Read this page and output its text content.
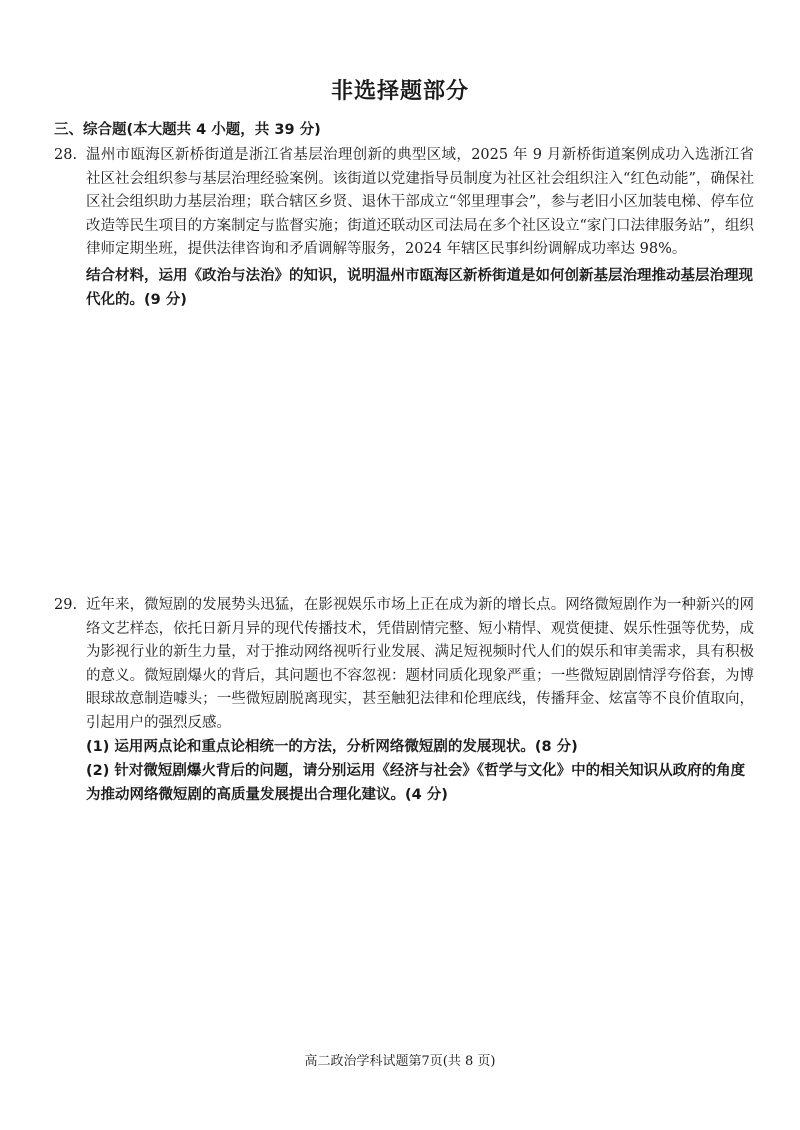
非选择题部分
三、综合题(本大题共 4 小题，共 39 分)
28. 温州市瓯海区新桥街道是浙江省基层治理创新的典型区域，2025 年 9 月新桥街道案例成功入选浙江省社区社会组织参与基层治理经验案例。该街道以党建指导员制度为社区社会组织注入“红色动能”，确保社区社会组织助力基层治理；联合辖区乡贤、退休干部成立“邻里理事会”，参与老旧小区加装电梯、停车位改造等民生项目的方案制定与监督实施；街道还联动区司法局在多个社区设立“家门口法律服务站”，组织律师定期坐班，提供法律咨询和矛盾调解等服务，2024 年辖区民事纠纷调解成功率达 98%。
结合材料，运用《政治与法治》的知识，说明温州市瓯海区新桥街道是如何创新基层治理推动基层治理现代化的。(9 分)
29. 近年来，微短剧的发展势头迅猛，在影视娱乐市场上正在成为新的增长点。网络微短剧作为一种新兴的网络文艺样态，依托日新月异的现代传播技术，凭借剧情完整、短小精悍、观赏便捷、娱乐性强等优势，成为影视行业的新生力量，对于推动网络视听行业发展、满足短视频时代人们的娱乐和审美需求，具有积极的意义。微短剧爆火的背后，其问题也不容忽视：题材同质化现象严重；一些微短剧剧情浮夸俗套，为博眼球故意制造噱头；一些微短剧脱离现实，甚至触犯法律和伦理底线，传播拜金、炫富等不良价值取向，引起用户的强烈反感。
(1) 运用两点论和重点论相统一的方法，分析网络微短剧的发展现状。(8 分)
(2) 针对微短剧爆火背后的问题，请分别运用《经济与社会》《哲学与文化》中的相关知识从政府的角度为推动网络微短剧的高质量发展提出合理化建议。(4 分)
高二政治学科试题第7页(共 8 页)
